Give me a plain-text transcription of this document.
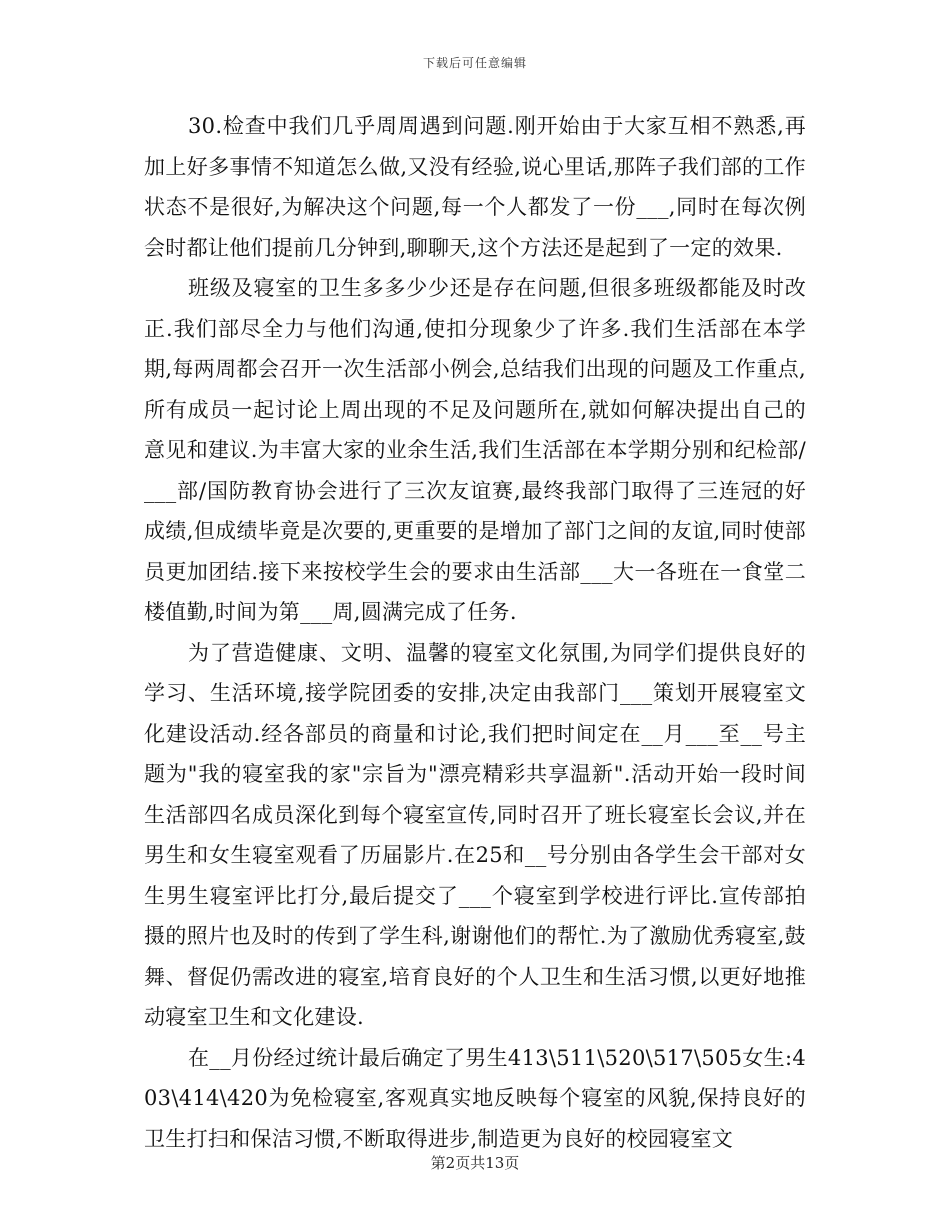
下载后可任意编辑

30.检查中我们几乎周周遇到问题.刚开始由于大家互相不熟悉,再加上好多事情不知道怎么做,又没有经验,说心里话,那阵子我们部的工作状态不是很好,为解决这个问题,每一个人都发了一份___,同时在每次例会时都让他们提前几分钟到,聊聊天,这个方法还是起到了一定的效果.

班级及寝室的卫生多多少少还是存在问题,但很多班级都能及时改正.我们部尽全力与他们沟通,使扣分现象少了许多.我们生活部在本学期,每两周都会召开一次生活部小例会,总结我们出现的问题及工作重点,所有成员一起讨论上周出现的不足及问题所在,就如何解决提出自己的意见和建议.为丰富大家的业余生活,我们生活部在本学期分别和纪检部/___部/国防教育协会进行了三次友谊赛,最终我部门取得了三连冠的好成绩,但成绩毕竟是次要的,更重要的是增加了部门之间的友谊,同时使部员更加团结.接下来按校学生会的要求由生活部___大一各班在一食堂二楼值勤,时间为第___周,圆满完成了任务.

为了营造健康、文明、温馨的寝室文化氛围,为同学们提供良好的学习、生活环境,接学院团委的安排,决定由我部门___策划开展寝室文化建设活动.经各部员的商量和讨论,我们把时间定在__月___至__号主题为"我的寝室我的家"宗旨为"漂亮精彩共享温新".活动开始一段时间生活部四名成员深化到每个寝室宣传,同时召开了班长寝室长会议,并在男生和女生寝室观看了历届影片.在25和__号分别由各学生会干部对女生男生寝室评比打分,最后提交了___个寝室到学校进行评比.宣传部拍摄的照片也及时的传到了学生科,谢谢他们的帮忙.为了激励优秀寝室,鼓舞、督促仍需改进的寝室,培育良好的个人卫生和生活习惯,以更好地推动寝室卫生和文化建设.

在__月份经过统计最后确定了男生413\511\520\517\505女生:403\414\420为免检寝室,客观真实地反映每个寝室的风貌,保持良好的卫生打扫和保洁习惯,不断取得进步,制造更为良好的校园寝室文

第2页共13页
